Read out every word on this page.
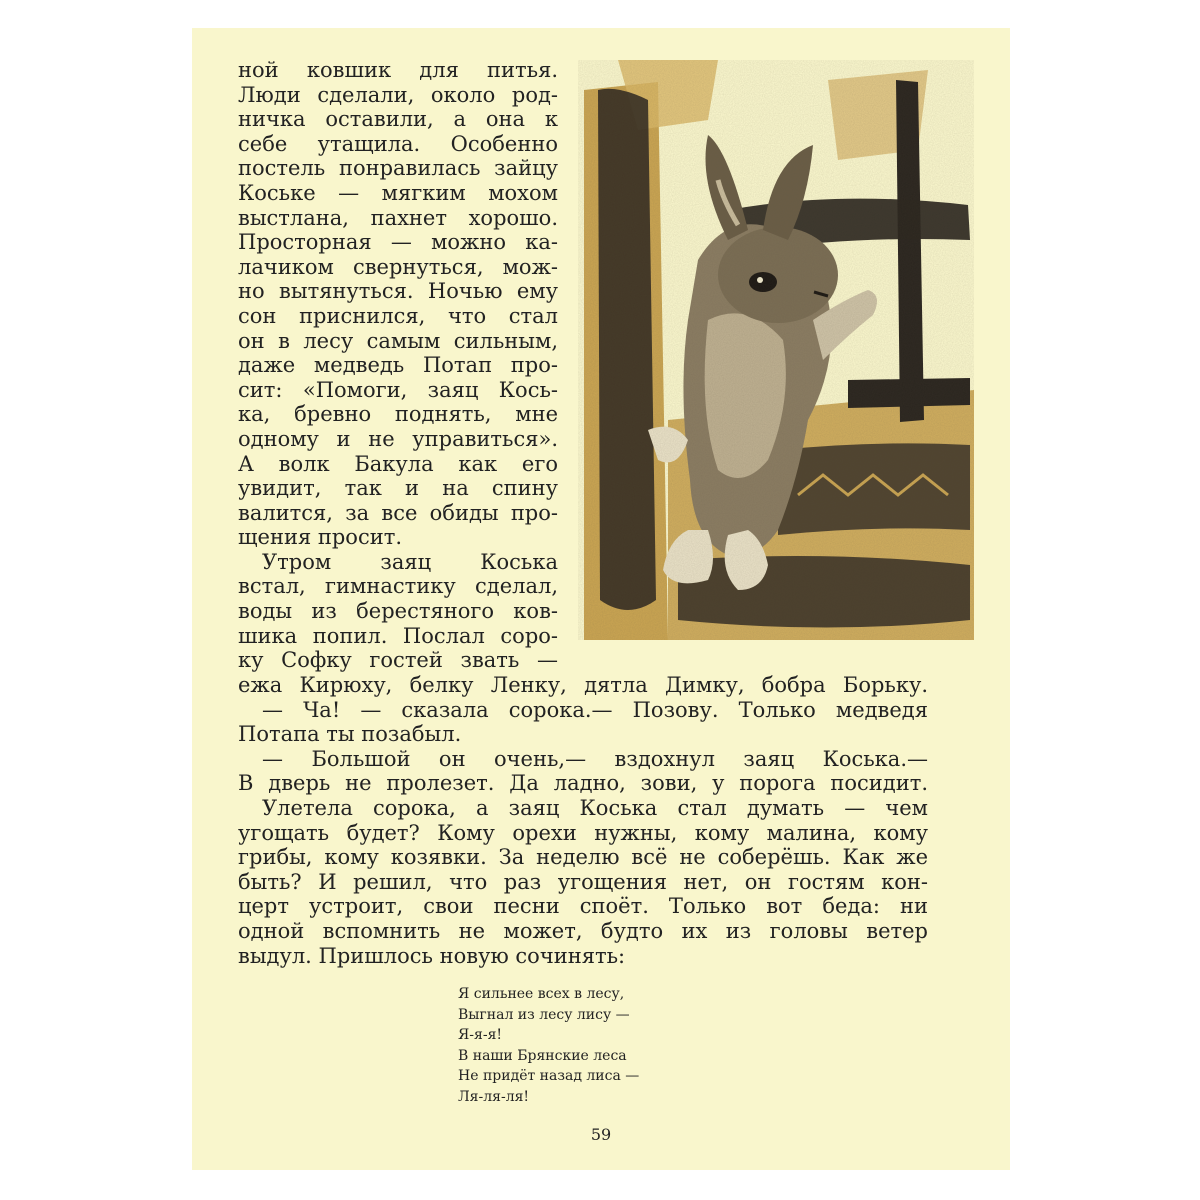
ной ковшик для питья.
Люди сделали, около род-
ничка оставили, а она к
себе утащила. Особенно
постель понравилась зайцу
Коське — мягким мохом
выстлана, пахнет хорошо.
Просторная — можно ка-
лачиком свернуться, мож-
но вытянуться. Ночью ему
сон приснился, что стал
он в лесу самым сильным,
даже медведь Потап про-
сит: «Помоги, заяц Кось-
ка, бревно поднять, мне
одному и не управиться».
А волк Бакула как его
увидит, так и на спину
валится, за все обиды про-
щения просит.
Утром заяц Коська
встал, гимнастику сделал,
воды из берестяного ков-
шика попил. Послал соро-
ку Софку гостей звать —
ежа Кирюху, белку Ленку, дятла Димку, бобра Борьку.
— Ча! — сказала сорока.— Позову. Только медведя
Потапа ты позабыл.
— Большой он очень,— вздохнул заяц Коська.—
В дверь не пролезет. Да ладно, зови, у порога посидит.
Улетела сорока, а заяц Коська стал думать — чем
угощать будет? Кому орехи нужны, кому малина, кому
грибы, кому козявки. За неделю всё не соберёшь. Как же
быть? И решил, что раз угощения нет, он гостям кон-
церт устроит, свои песни споёт. Только вот беда: ни
одной вспомнить не может, будто их из головы ветер
выдул. Пришлось новую сочинять:
Я сильнее всех в лесу,
Выгнал из лесу лису —
Я-я-я!
В наши Брянские леса
Не придёт назад лиса —
Ля-ля-ля!
59
